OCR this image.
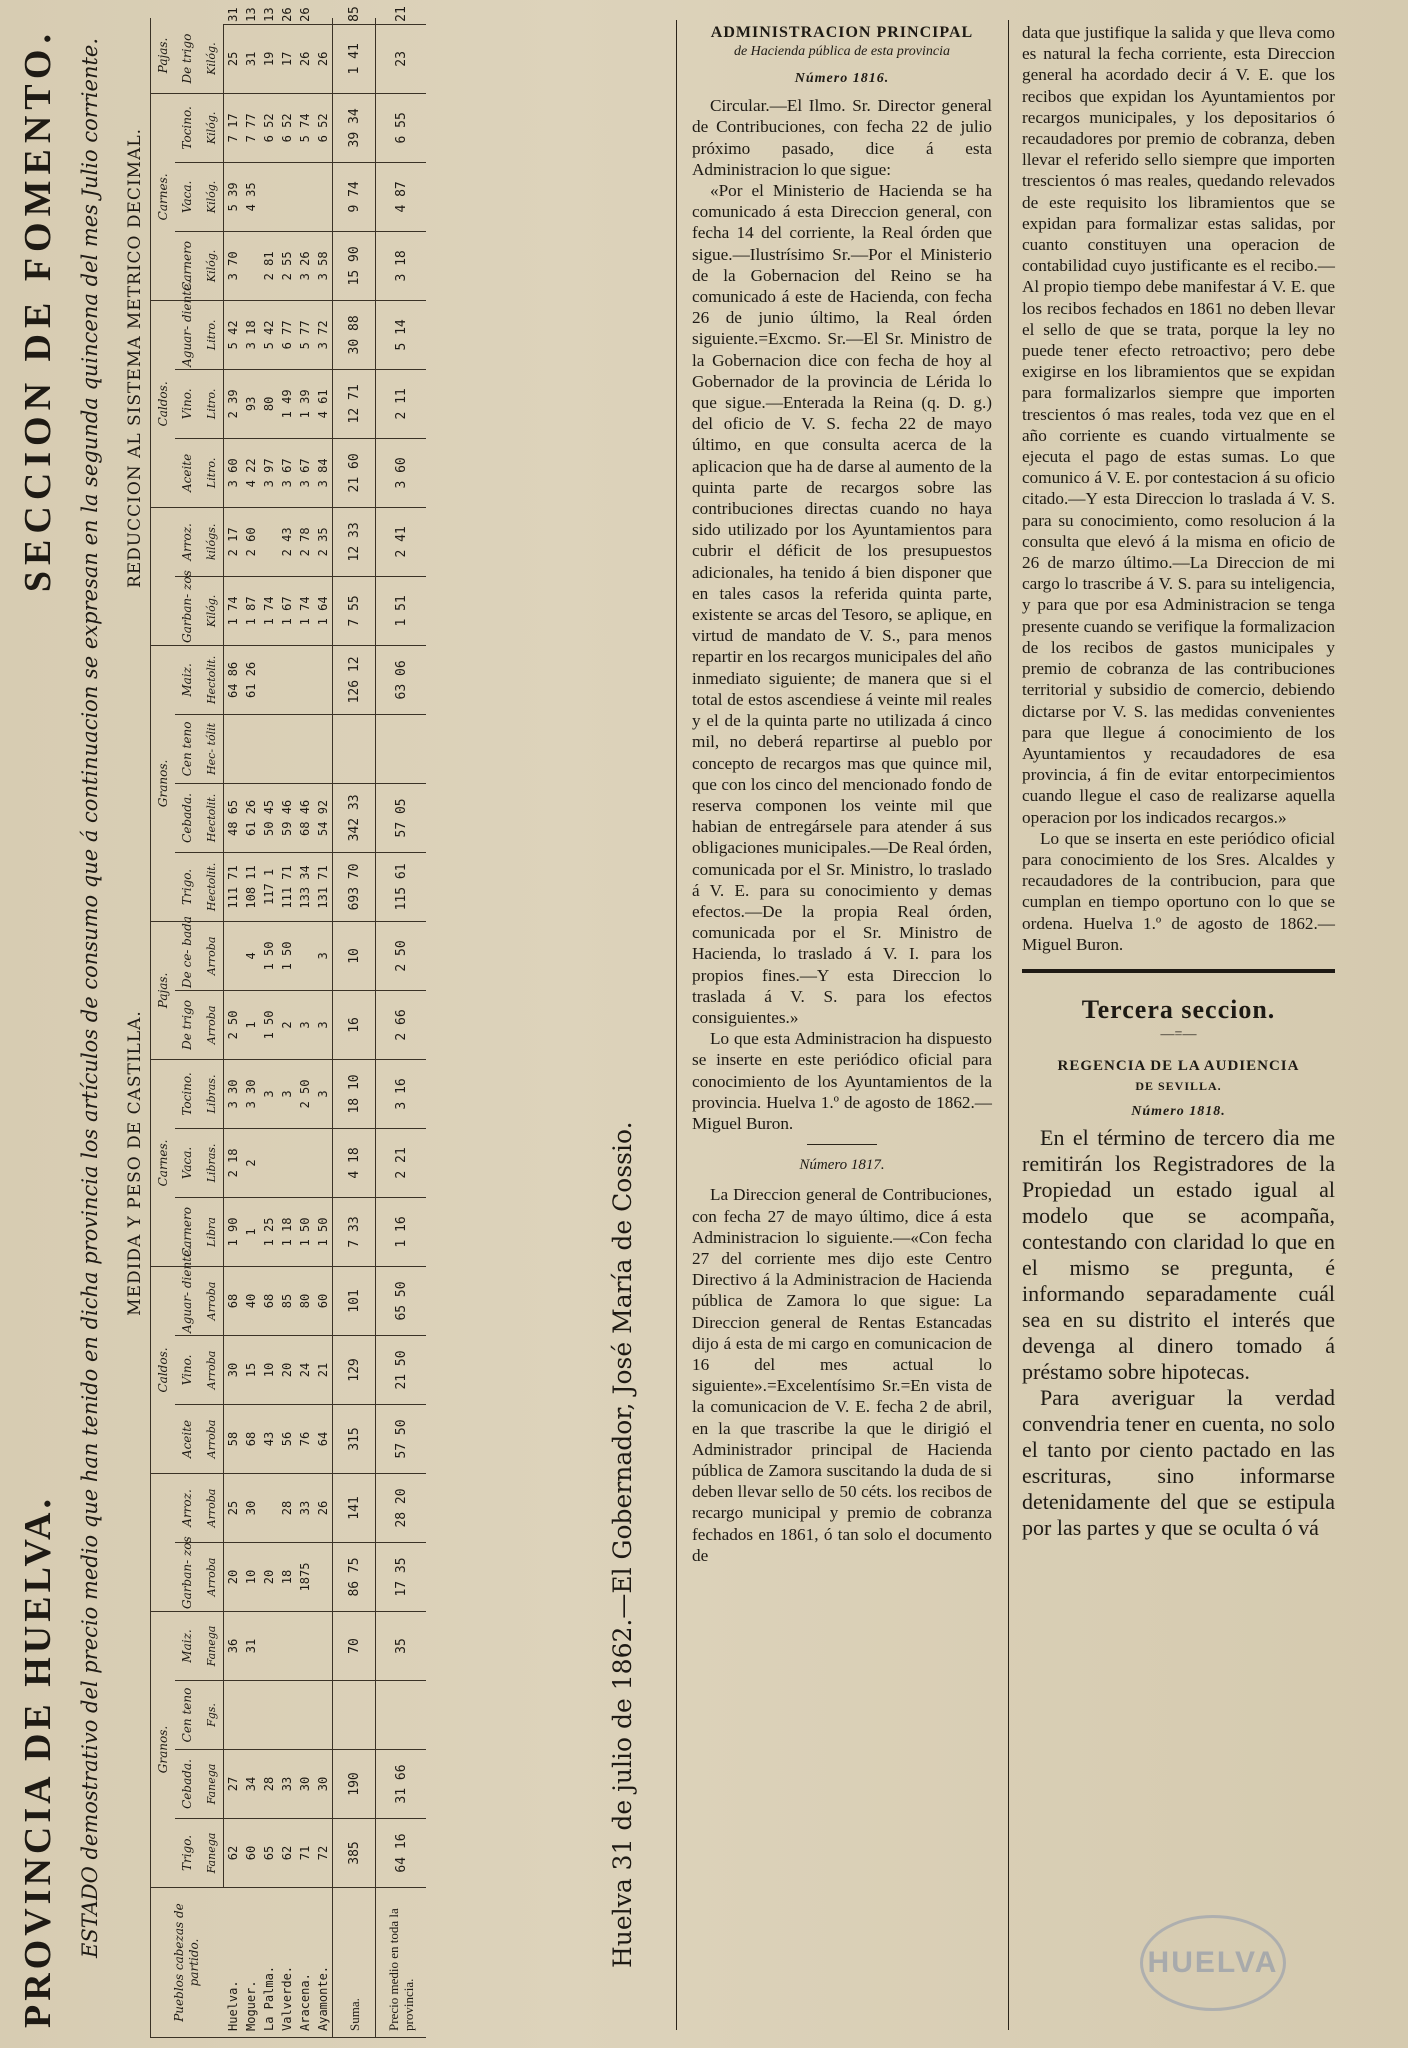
PROVINCIA DE HUELVA.
SECCION DE FOMENTO. ESTADO demostrativo del precio medio que han tenido en dicha provincia los artículos de consumo que á continuacion se expresan en la segunda quincena del mes Julio corriente. MEDIDA Y PESO DE CASTILLA.
REDUCCION AL SISTEMA METRICO DECIMAL.
Pueblos cabezas de partido.	Granos.						Caldos.			Carnes.			Pajas.		Granos.						Caldos.			Carnes.			Pajas.	
	Trigo.	Cebada.	Cen teno	Maiz.	Garban- zos	Arroz.	Aceite	Vino.	Aguar- diente.	Carnero	Vaca.	Tocino.	De trigo	De ce- bada	Trigo.	Cebada.	Cen teno	Maiz.	Garban- zos	Arroz.	Aceite	Vino.	Aguar- diente.	Carnero	Vaca.	Tocino.	De trigo	
	Fanega	Fanega	Fgs.	Fanega	Arroba	Arroba	Arroba	Arroba	Arroba	Libra	Libras.	Libras.	Arroba	Arroba	Hectolit.	Hectolit.	Hec- tólit	Hectolit.	Kilóg.	kilógs.	Litro.	Litro.	Litro.	Kilóg.	Kilóg.	Kilóg.	Kilóg.	
Huelva.	62	27		36	20	25	58	30	68	1 90	2 18	3 30	2 50		111 71	48 65		64 86	1 74	2 17	3 60	2 39	5 42	3 70	5 39	7 17	25	31
Moguer.	60	34		31	10	30	68	15	40	1	2	3 30	1	4	108 11	61 26		61 26	1 87	2 60	4 22	93	3 18		4 35	7 77	31	13
La Palma.	65	28			20		43	10	68	1 25		3	1 50	1 50	117 1	50 45			1 74		3 97	80	5 42	2 81		6 52	19	13
Valverde.	62	33			18	28	56	20	85	1 18		3	2	1 50	111 71	59 46			1 67	2 43	3 67	1 49	6 77	2 55		6 52	17	26
Aracena.	71	30			1875	33	76	24	80	1 50		2 50	3		133 34	68 46			1 74	2 78	3 67	1 39	5 77	3 26		5 74	26	26
Ayamonte.	72	30				26	64	21	60	1 50		3	3	3	131 71	54 92			1 64	2 35	3 84	4 61	3 72	3 58		6 52	26	
Suma.	385	190		70	86 75	141	315	129	101	7 33	4 18	18 10	16	10	693 70	342 33		126 12	7 55	12 33	21 60	12 71	30 88	15 90	9 74	39 34	1 41	85
Precio medio en toda la provincia.	64 16	31 66		35	17 35	28 20	57 50	21 50	65 50	1 16	2 21	3 16	2 66	2 50	115 61	57 05		63 06	1 51	2 41	3 60	2 11	5 14	3 18	4 87	6 55	23	21
Huelva 31 de julio de 1862.—El Gobernador, José María de Cossio.
ADMINISTRACION PRINCIPAL
de Hacienda pública de esta provincia
Número 1816.

Circular.—El Ilmo. Sr. Director general de Contribuciones, con fecha 22 de julio próximo pasado, dice á esta Administracion lo que sigue:

«Por el Ministerio de Hacienda se ha comunicado á esta Direccion general, con fecha 14 del corriente, la Real órden que sigue.—Ilustrísimo Sr.—Por el Ministerio de la Gobernacion del Reino se ha comunicado á este de Hacienda, con fecha 26 de junio último, la Real órden siguiente.=Excmo. Sr.—El Sr. Ministro de la Gobernacion dice con fecha de hoy al Gobernador de la provincia de Lérida lo que sigue.—Enterada la Reina (q. D. g.) del oficio de V. S. fecha 22 de mayo último, en que consulta acerca de la aplicacion que ha de darse al aumento de la quinta parte de recargos sobre las contribuciones directas cuando no haya sido utilizado por los Ayuntamientos para cubrir el déficit de los presupuestos adicionales, ha tenido á bien disponer que en tales casos la referida quinta parte, existente se arcas del Tesoro, se aplique, en virtud de mandato de V. S., para menos repartir en los recargos municipales del año inmediato siguiente; de manera que si el total de estos ascendiese á veinte mil reales y el de la quinta parte no utilizada á cinco mil, no deberá repartirse al pueblo por concepto de recargos mas que quince mil, que con los cinco del mencionado fondo de reserva componen los veinte mil que habian de entregársele para atender á sus obligaciones municipales.—De Real órden, comunicada por el Sr. Ministro, lo traslado á V. E. para su conocimiento y demas efectos.—De la propia Real órden, comunicada por el Sr. Ministro de Hacienda, lo traslado á V. I. para los propios fines.—Y esta Direccion lo traslada á V. S. para los efectos consiguientes.»

Lo que esta Administracion ha dispuesto se inserte en este periódico oficial para conocimiento de los Ayuntamientos de la provincia. Huelva 1.º de agosto de 1862.—Miguel Buron.

Número 1817.

La Direccion general de Contribuciones, con fecha 27 de mayo último, dice á esta Administracion lo siguiente.—«Con fecha 27 del corriente mes dijo este Centro Directivo á la Administracion de Hacienda pública de Zamora lo que sigue: La Direccion general de Rentas Estancadas dijo á esta de mi cargo en comunicacion de 16 del mes actual lo siguiente».=Excelentísimo Sr.=En vista de la comunicacion de V. E. fecha 2 de abril, en la que trascribe la que le dirigió el Administrador principal de Hacienda pública de Zamora suscitando la duda de si deben llevar sello de 50 céts. los recibos de recargo municipal y premio de cobranza fechados en 1861, ó tan solo el documento de

data que justifique la salida y que lleva como es natural la fecha corriente, esta Direccion general ha acordado decir á V. E. que los recibos que expidan los Ayuntamientos por recargos municipales, y los depositarios ó recaudadores por premio de cobranza, deben llevar el referido sello siempre que importen trescientos ó mas reales, quedando relevados de este requisito los libramientos que se expidan para formalizar estas salidas, por cuanto constituyen una operacion de contabilidad cuyo justificante es el recibo.—Al propio tiempo debe manifestar á V. E. que los recibos fechados en 1861 no deben llevar el sello de que se trata, porque la ley no puede tener efecto retroactivo; pero debe exigirse en los libramientos que se expidan para formalizarlos siempre que importen trescientos ó mas reales, toda vez que en el año corriente es cuando virtualmente se ejecuta el pago de estas sumas. Lo que comunico á V. E. por contestacion á su oficio citado.—Y esta Direccion lo traslada á V. S. para su conocimiento, como resolucion á la consulta que elevó á la misma en oficio de 26 de marzo último.—La Direccion de mi cargo lo trascribe á V. S. para su inteligencia, y para que por esa Administracion se tenga presente cuando se verifique la formalizacion de los recibos de gastos municipales y premio de cobranza de las contribuciones territorial y subsidio de comercio, debiendo dictarse por V. S. las medidas convenientes para que llegue á conocimiento de los Ayuntamientos y recaudadores de esa provincia, á fin de evitar entorpecimientos cuando llegue el caso de realizarse aquella operacion por los indicados recargos.»

Lo que se inserta en este periódico oficial para conocimiento de los Sres. Alcaldes y recaudadores de la contribucion, para que cumplan en tiempo oportuno con lo que se ordena. Huelva 1.º de agosto de 1862.—Miguel Buron.

Tercera seccion.
—=—
REGENCIA DE LA AUDIENCIA
DE SEVILLA.
Número 1818.

En el término de tercero dia me remitirán los Registradores de la Propiedad un estado igual al modelo que se acompaña, contestando con claridad lo que en el mismo se pregunta, é informando separadamente cuál sea en su distrito el interés que devenga al dinero tomado á préstamo sobre hipotecas.

Para averiguar la verdad convendria tener en cuenta, no solo el tanto por ciento pactado en las escrituras, sino informarse detenidamente del que se estipula por las partes y que se oculta ó vá

HUELVA
